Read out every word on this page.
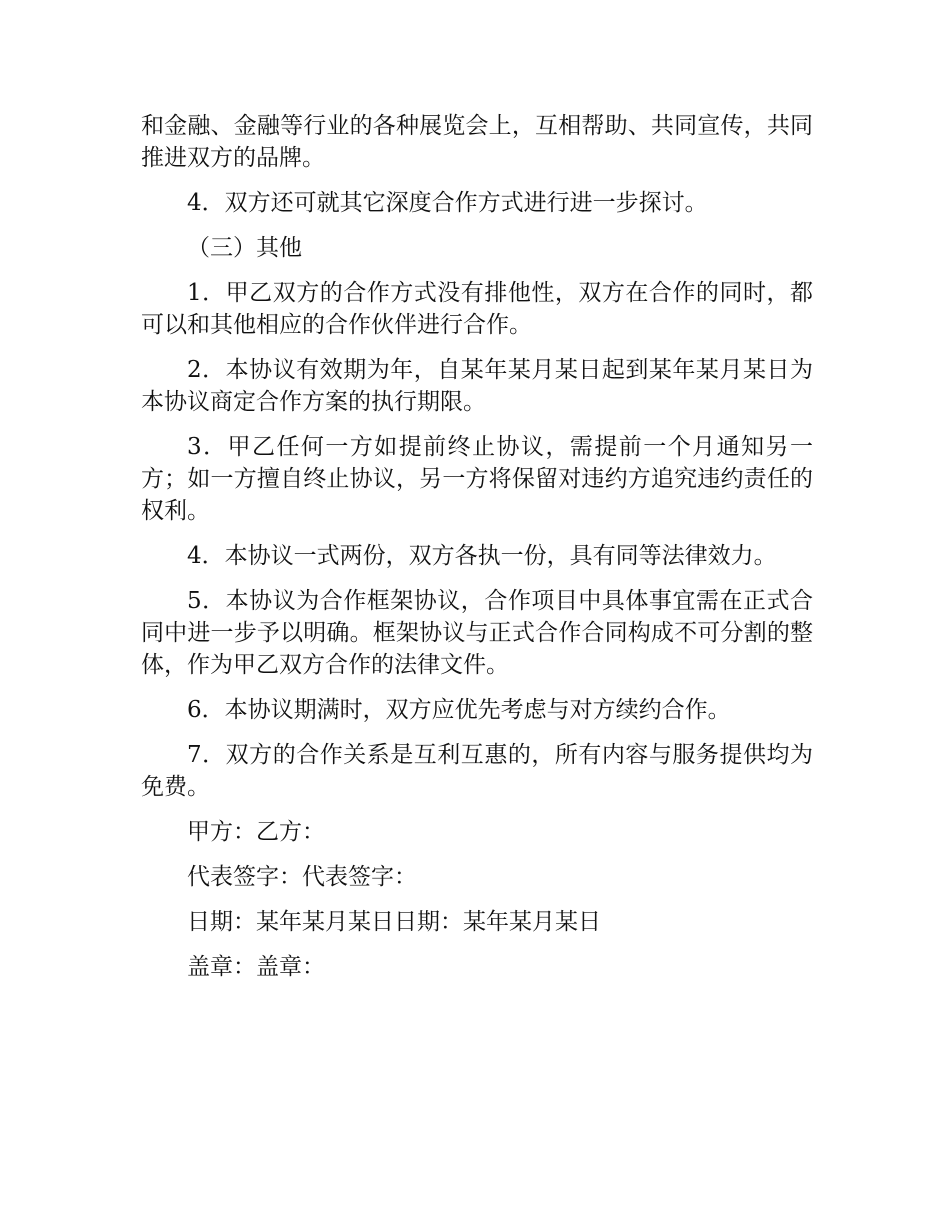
和金融、金融等行业的各种展览会上，互相帮助、共同宣传，共同推进双方的品牌。

4．双方还可就其它深度合作方式进行进一步探讨。

（三）其他

1．甲乙双方的合作方式没有排他性，双方在合作的同时，都可以和其他相应的合作伙伴进行合作。

2．本协议有效期为年，自某年某月某日起到某年某月某日为本协议商定合作方案的执行期限。

3．甲乙任何一方如提前终止协议，需提前一个月通知另一方；如一方擅自终止协议，另一方将保留对违约方追究违约责任的权利。

4．本协议一式两份，双方各执一份，具有同等法律效力。

5．本协议为合作框架协议，合作项目中具体事宜需在正式合同中进一步予以明确。框架协议与正式合作合同构成不可分割的整体，作为甲乙双方合作的法律文件。

6．本协议期满时，双方应优先考虑与对方续约合作。

7．双方的合作关系是互利互惠的，所有内容与服务提供均为免费。

甲方：乙方：

代表签字：代表签字：

日期：某年某月某日日期：某年某月某日

盖章：盖章：
